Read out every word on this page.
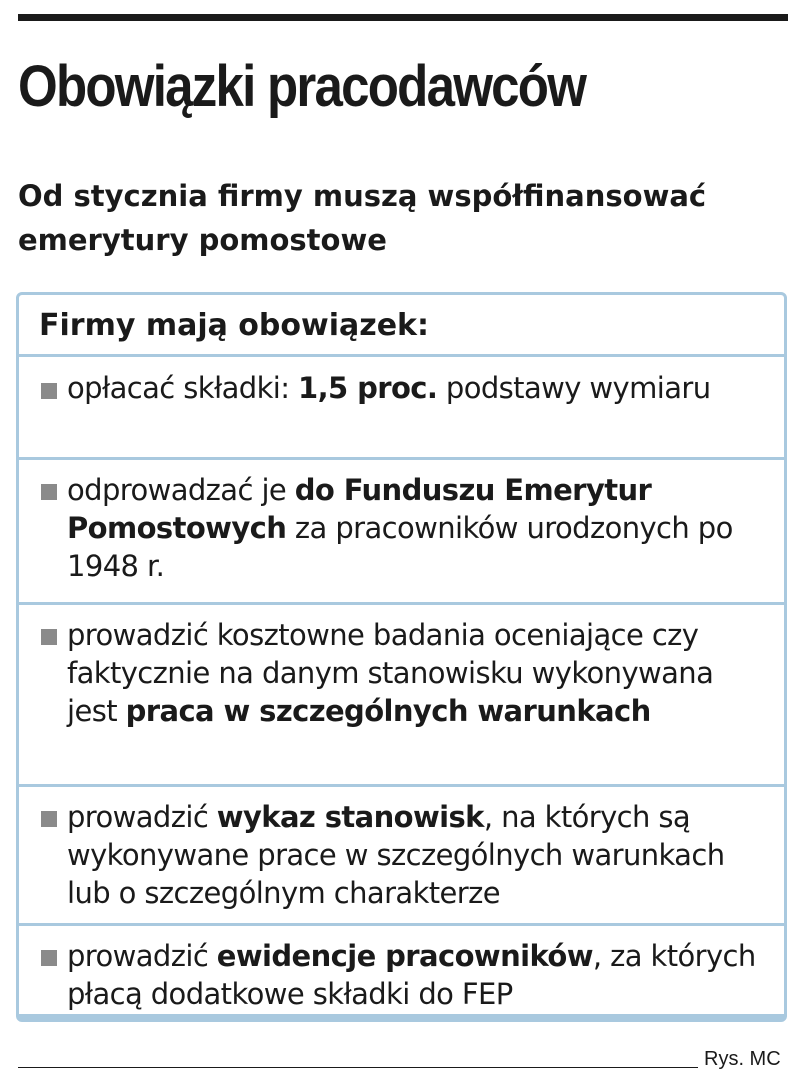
Obowiązki pracodawców

Od stycznia firmy muszą współfinansować emerytury pomostowe

Firmy mają obowiązek:
opłacać składki: 1,5 proc. podstawy wymiaru
odprowadzać je do Funduszu Emerytur Pomostowych za pracowników urodzonych po 1948 r.
prowadzić kosztowne badania oceniające czy faktycznie na danym stanowisku wykonywana jest praca w szczególnych warunkach
prowadzić wykaz stanowisk, na których są wykonywane prace w szczególnych warunkach lub o szczególnym charakterze
prowadzić ewidencje pracowników, za których płacą dodatkowe składki do FEP
Rys. MC
